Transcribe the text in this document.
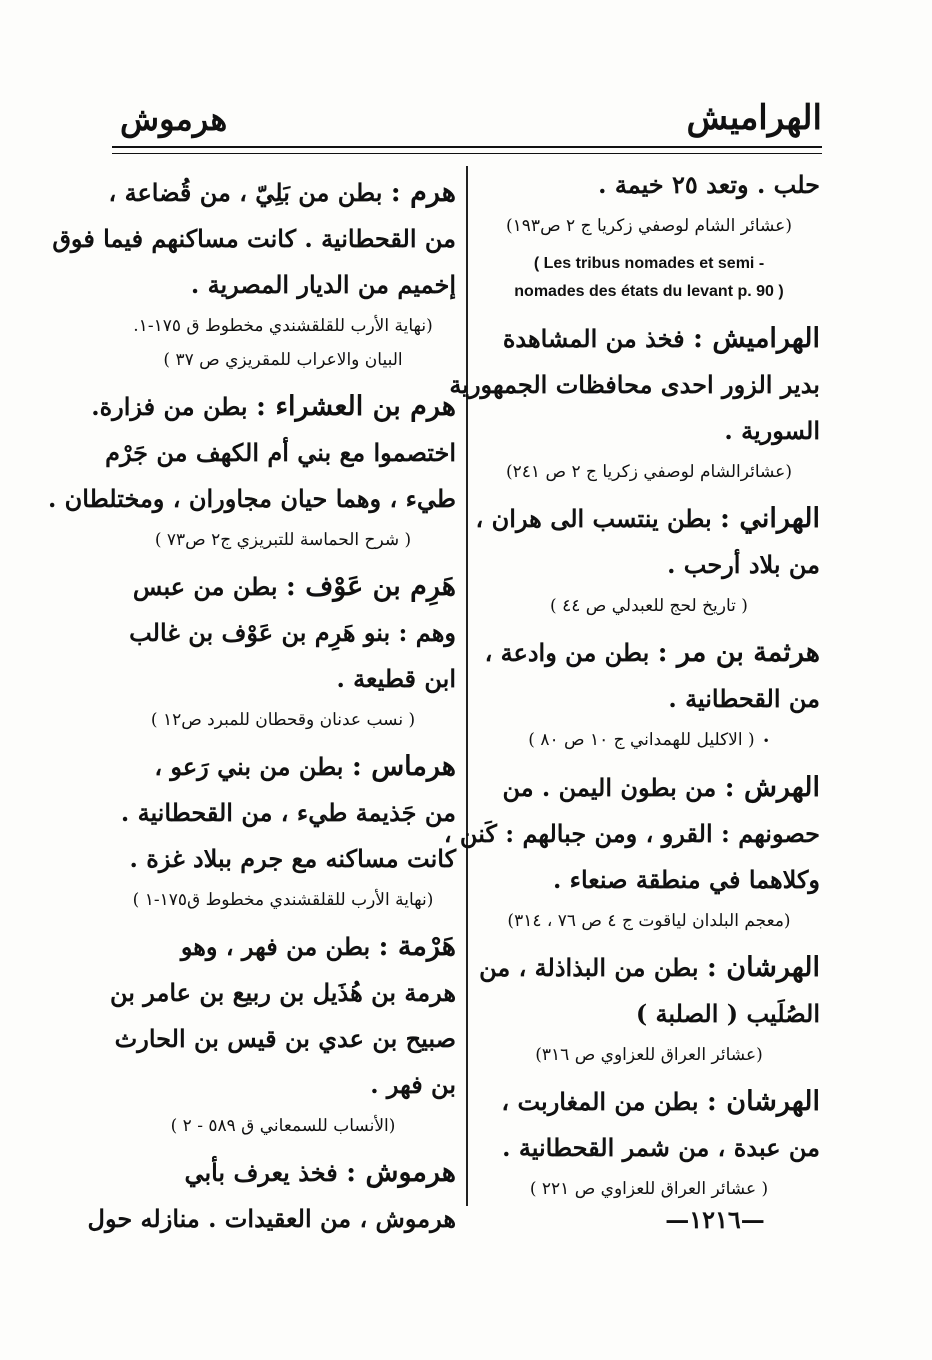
الهراميش
هرموش

حلب . وتعد ٢٥ خيمة .

(عشائر الشام لوصفي زكريا ج ٢ ص١٩٣)

( Les tribus nomades et semi -

nomades des états du levant p. 90 )

الهراميش : فخذ من المشاهدة

بدير الزور احدى محافظات الجمهورية

السورية .

(عشائرالشام لوصفي زكريا ج ٢ ص ٢٤١)

الهراني : بطن ينتسب الى هران ،

من بلاد أرحب .

( تاريخ لحج للعبدلي ص ٤٤ )

هرثمة بن مر : بطن من وادعة ،

من القحطانية .

•( الاكليل للهمداني ج ١٠ ص ٨٠ )

الهرش : من بطون اليمن . من

حصونهم : القرو ، ومن جبالهم : كَنن ،

وكلاهما في منطقة صنعاء .

(معجم البلدان لياقوت ج ٤ ص ٧٦ ، ٣١٤)

الهرشان : بطن من البذاذلة ، من

الصُلَيب ( الصلبة )

(عشائر العراق للعزاوي ص ٣١٦)

الهرشان : بطن من المغاربت ،

من عبدة ، من شمر القحطانية .

( عشائر العراق للعزاوي ص ٢٢١ )

هرم : بطن من بَلِيّ ، من قُضاعة ،

من القحطانية . كانت مساكنهم فيما فوق

إخميم من الديار المصرية .

(نهاية الأرب للقلقشندي مخطوط ق ١٧٥-١.

البيان والاعراب للمقريزي ص ٣٧ )

هرم بن العشراء : بطن من فزارة.

اختصموا مع بني أم الكهف من جَرْم

طيء ، وهما حيان مجاوران ، ومختلطان .

( شرح الحماسة للتبريزي ج٢ ص٧٣ )

هَرِم بن عَوْف : بطن من عبس

وهم : بنو هَرِم بن عَوْف بن غالب

ابن قطيعة .

( نسب عدنان وقحطان للمبرد ص١٢ )

هرماس : بطن من بني رَعو ،

من جَذيمة طيء ، من القحطانية .

كانت مساكنه مع جرم ببلاد غزة .

(نهاية الأرب للقلقشندي مخطوط ق١٧٥-١ )

هَرْمة : بطن من فهر ، وهو

هرمة بن هُذَيل بن ربيع بن عامر بن

صبيح بن عدي بن قيس بن الحارث

بن فهر .

(الأنساب للسمعاني ق ٥٨٩ - ٢ )

هرموش : فخذ يعرف بأبي

هرموش ، من العقيدات . منازله حول	—١٢١٦—
